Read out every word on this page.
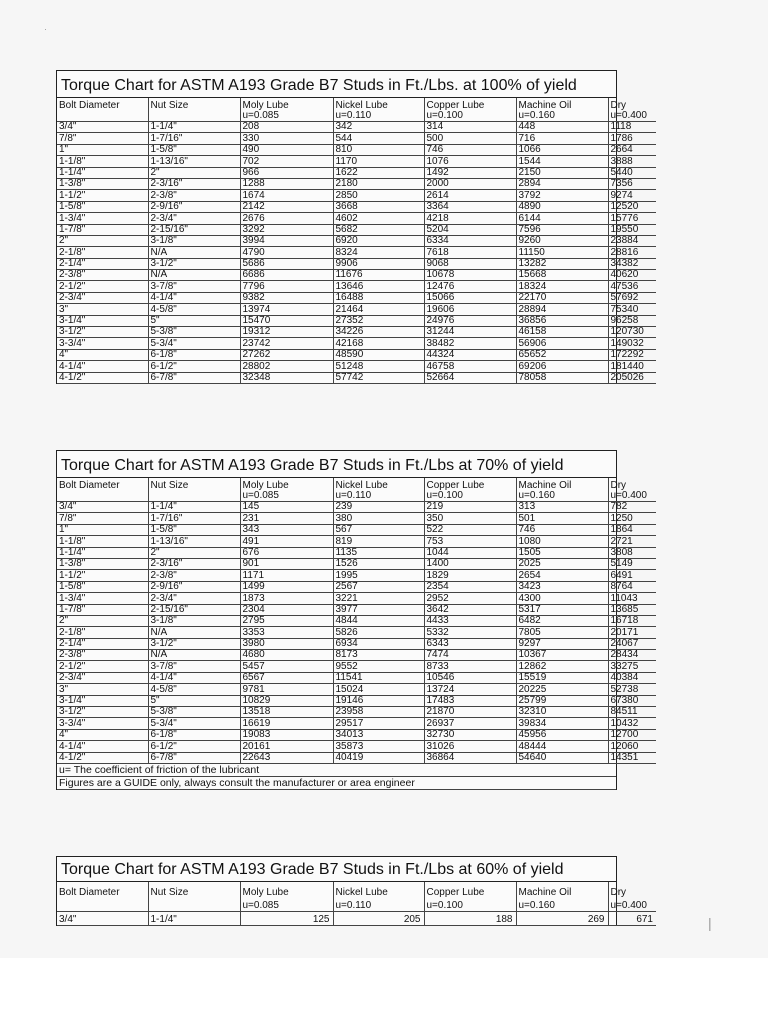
·
Torque Chart for ASTM A193 Grade B7 Studs in Ft./Lbs. at 100% of yield
Bolt Diameter	Nut Size	Moly Lube	Nickel Lube	Copper Lube	Machine Oil	Dry
		u=0.085	u=0.110	u=0.100	u=0.160	u=0.400
3/4"	1-1/4"	208	342	314	448	1118
7/8"	1-7/16"	330	544	500	716	1786
1"	1-5/8"	490	810	746	1066	2664
1-1/8"	1-13/16"	702	1170	1076	1544	3888
1-1/4"	2"	966	1622	1492	2150	5440
1-3/8"	2-3/16"	1288	2180	2000	2894	7356
1-1/2"	2-3/8"	1674	2850	2614	3792	9274
1-5/8"	2-9/16"	2142	3668	3364	4890	12520
1-3/4"	2-3/4"	2676	4602	4218	6144	15776
1-7/8"	2-15/16"	3292	5682	5204	7596	19550
2"	3-1/8"	3994	6920	6334	9260	23884
2-1/8"	N/A	4790	8324	7618	11150	28816
2-1/4"	3-1/2"	5686	9906	9068	13282	34382
2-3/8"	N/A	6686	11676	10678	15668	40620
2-1/2"	3-7/8"	7796	13646	12476	18324	47536
2-3/4"	4-1/4"	9382	16488	15066	22170	57692
3"	4-5/8"	13974	21464	19606	28894	75340
3-1/4"	5"	15470	27352	24976	36856	96258
3-1/2"	5-3/8"	19312	34226	31244	46158	120730
3-3/4"	5-3/4"	23742	42168	38482	56906	149032
4"	6-1/8"	27262	48590	44324	65652	172292
4-1/4"	6-1/2"	28802	51248	46758	69206	181440
4-1/2"	6-7/8"	32348	57742	52664	78058	205026
Torque Chart for ASTM A193 Grade B7 Studs in Ft./Lbs at 70% of yield
Bolt Diameter	Nut Size	Moly Lube	Nickel Lube	Copper Lube	Machine Oil	Dry
		u=0.085	u=0.110	u=0.100	u=0.160	u=0.400
3/4"	1-1/4"	145	239	219	313	782
7/8"	1-7/16"	231	380	350	501	1250
1"	1-5/8"	343	567	522	746	1864
1-1/8"	1-13/16"	491	819	753	1080	2721
1-1/4"	2"	676	1135	1044	1505	3808
1-3/8"	2-3/16"	901	1526	1400	2025	5149
1-1/2"	2-3/8"	1171	1995	1829	2654	6491
1-5/8"	2-9/16"	1499	2567	2354	3423	8764
1-3/4"	2-3/4"	1873	3221	2952	4300	11043
1-7/8"	2-15/16"	2304	3977	3642	5317	13685
2"	3-1/8"	2795	4844	4433	6482	16718
2-1/8"	N/A	3353	5826	5332	7805	20171
2-1/4"	3-1/2"	3980	6934	6343	9297	24067
2-3/8"	N/A	4680	8173	7474	10367	28434
2-1/2"	3-7/8"	5457	9552	8733	12862	33275
2-3/4"	4-1/4"	6567	11541	10546	15519	40384
3"	4-5/8"	9781	15024	13724	20225	52738
3-1/4"	5"	10829	19146	17483	25799	67380
3-1/2"	5-3/8"	13518	23958	21870	32310	84511
3-3/4"	5-3/4"	16619	29517	26937	39834	10432
4"	6-1/8"	19083	34013	32730	45956	12700
4-1/4"	6-1/2"	20161	35873	31026	48444	12060
4-1/2"	6-7/8"	22643	40419	36864	54640	14351
u= The coefficient of friction of the lubricant
Figures are a GUIDE only, always consult the manufacturer or area engineer
Torque Chart for ASTM A193 Grade B7 Studs in Ft./Lbs at 60% of yield
Bolt Diameter	Nut Size	Moly Lube	Nickel Lube	Copper Lube	Machine Oil	Dry
		u=0.085	u=0.110	u=0.100	u=0.160	u=0.400
3/4"	1-1/4"	125	205	188	269	671	|
